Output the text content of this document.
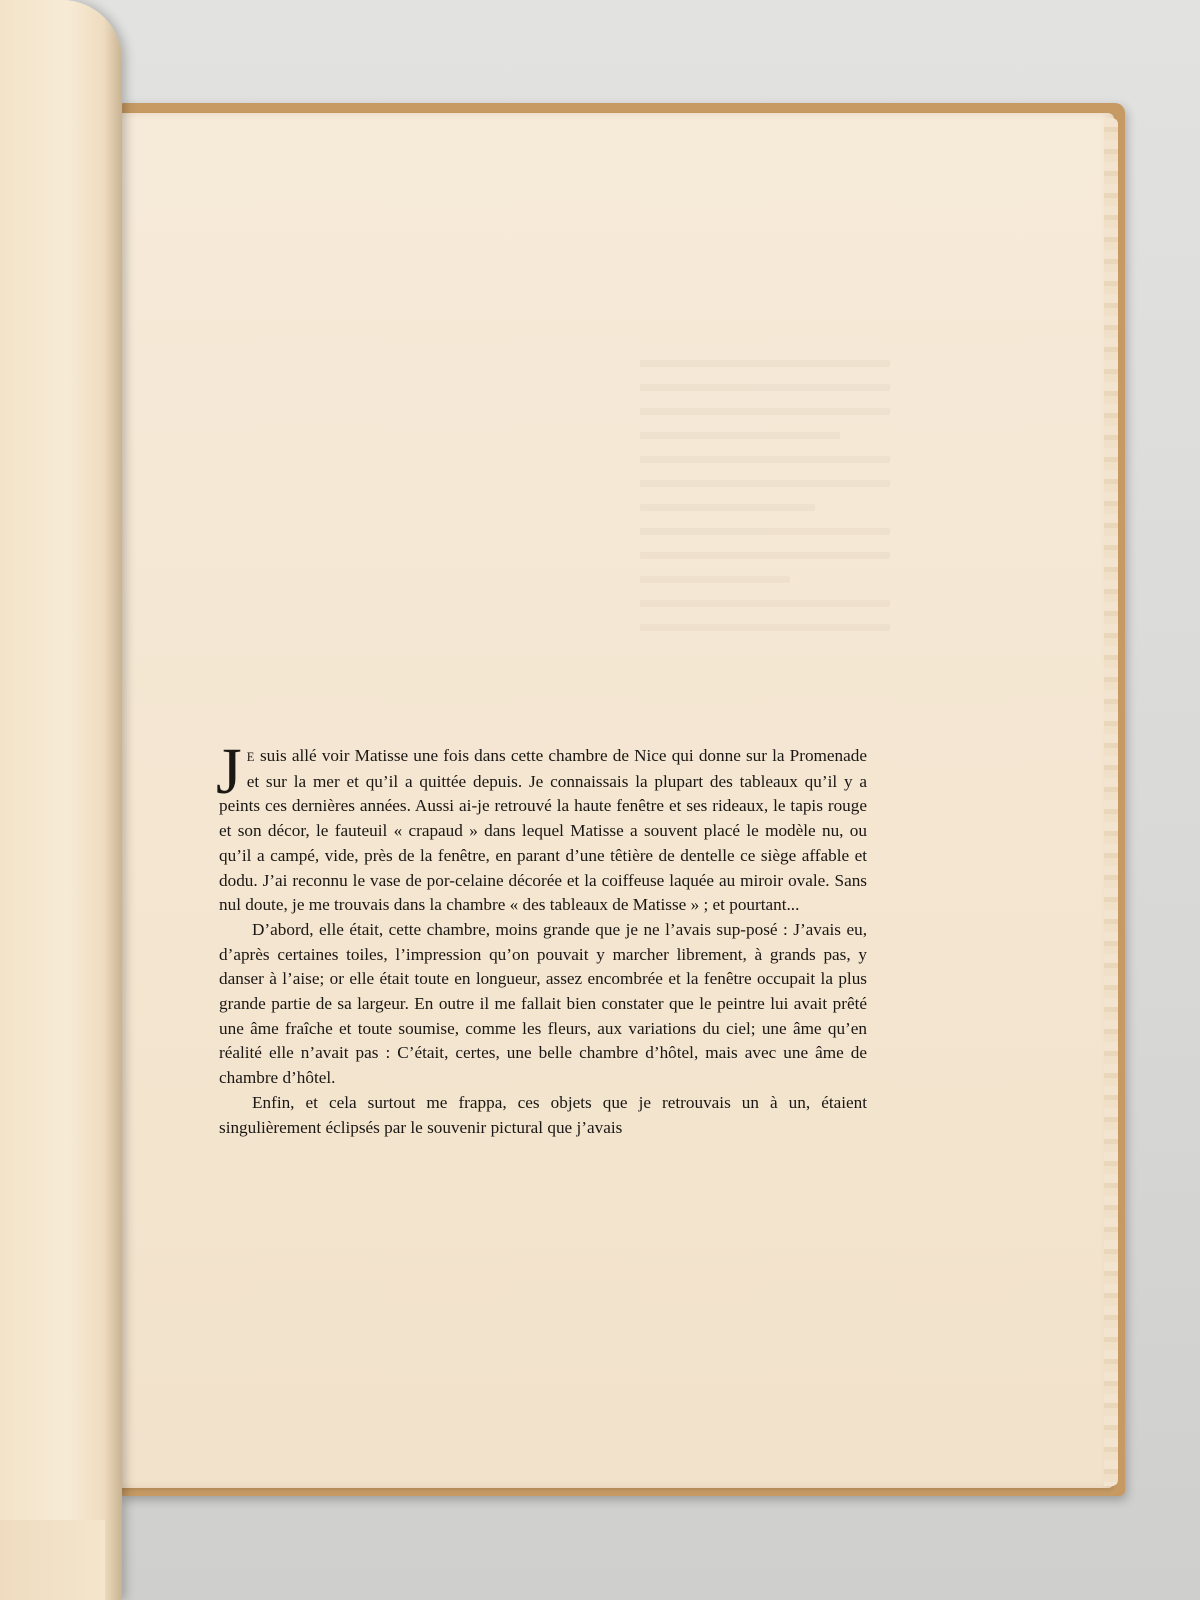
J E suis allé voir Matisse une fois dans cette chambre de Nice qui donne sur la Promenade et sur la mer et qu’il a quittée depuis. Je connaissais la plupart des tableaux qu’il y a peints ces dernières années. Aussi ai-je retrouvé la haute fenêtre et ses rideaux, le tapis rouge et son décor, le fauteuil « crapaud » dans lequel Matisse a souvent placé le modèle nu, ou qu’il a campé, vide, près de la fenêtre, en parant d’une têtière de dentelle ce siège affable et dodu. J’ai reconnu le vase de por-celaine décorée et la coiffeuse laquée au miroir ovale. Sans nul doute, je me trouvais dans la chambre « des tableaux de Matisse » ; et pourtant...

D’abord, elle était, cette chambre, moins grande que je ne l’avais sup-posé : J’avais eu, d’après certaines toiles, l’impression qu’on pouvait y marcher librement, à grands pas, y danser à l’aise; or elle était toute en longueur, assez encombrée et la fenêtre occupait la plus grande partie de sa largeur. En outre il me fallait bien constater que le peintre lui avait prêté une âme fraîche et toute soumise, comme les fleurs, aux variations du ciel; une âme qu’en réalité elle n’avait pas : C’était, certes, une belle chambre d’hôtel, mais avec une âme de chambre d’hôtel.

Enfin, et cela surtout me frappa, ces objets que je retrouvais un à un, étaient singulièrement éclipsés par le souvenir pictural que j’avais
